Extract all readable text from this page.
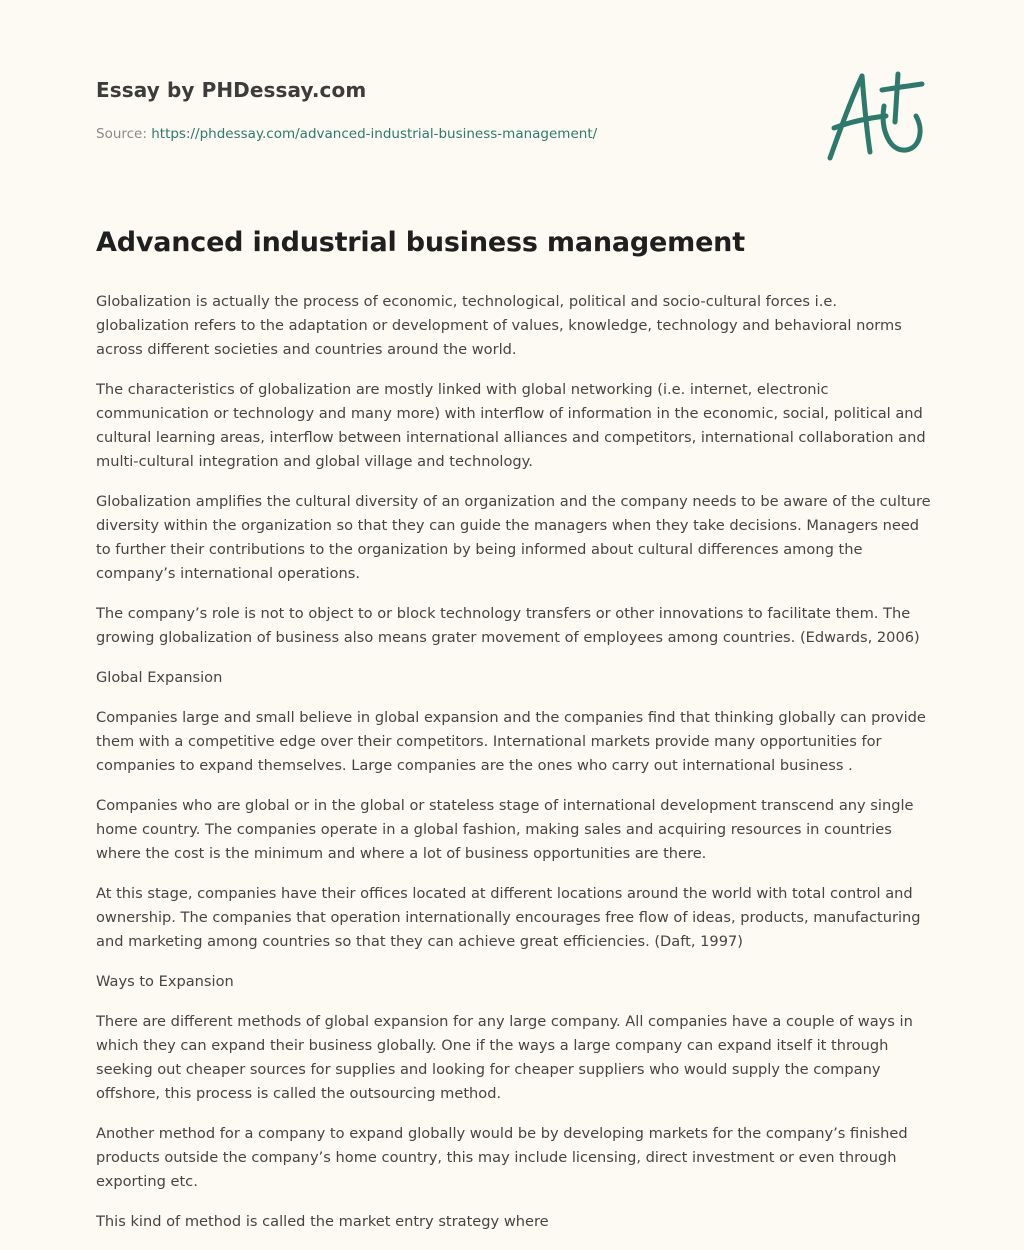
Essay by PHDessay.com
Source: https://phdessay.com/advanced-industrial-business-management/
Advanced industrial business management

Globalization is actually the process of economic, technological, political and socio-cultural forces i.e. globalization refers to the adaptation or development of values, knowledge, technology and behavioral norms across different societies and countries around the world.

The characteristics of globalization are mostly linked with global networking (i.e. internet, electronic communication or technology and many more) with interflow of information in the economic, social, political and cultural learning areas, interflow between international alliances and competitors, international collaboration and multi-cultural integration and global village and technology.

Globalization amplifies the cultural diversity of an organization and the company needs to be aware of the culture diversity within the organization so that they can guide the managers when they take decisions. Managers need to further their contributions to the organization by being informed about cultural differences among the company’s international operations.

The company’s role is not to object to or block technology transfers or other innovations to facilitate them. The growing globalization of business also means grater movement of employees among countries. (Edwards, 2006)

Global Expansion

Companies large and small believe in global expansion and the companies find that thinking globally can provide them with a competitive edge over their competitors. International markets provide many opportunities for companies to expand themselves. Large companies are the ones who carry out international business .

Companies who are global or in the global or stateless stage of international development transcend any single home country. The companies operate in a global fashion, making sales and acquiring resources in countries where the cost is the minimum and where a lot of business opportunities are there.

At this stage, companies have their offices located at different locations around the world with total control and ownership. The companies that operation internationally encourages free flow of ideas, products, manufacturing and marketing among countries so that they can achieve great efficiencies. (Daft, 1997)

Ways to Expansion

There are different methods of global expansion for any large company. All companies have a couple of ways in which they can expand their business globally. One if the ways a large company can expand itself it through seeking out cheaper sources for supplies and looking for cheaper suppliers who would supply the company offshore, this process is called the outsourcing method.

Another method for a company to expand globally would be by developing markets for the company’s finished products outside the company’s home country, this may include licensing, direct investment or even through exporting etc.

This kind of method is called the market entry strategy where
